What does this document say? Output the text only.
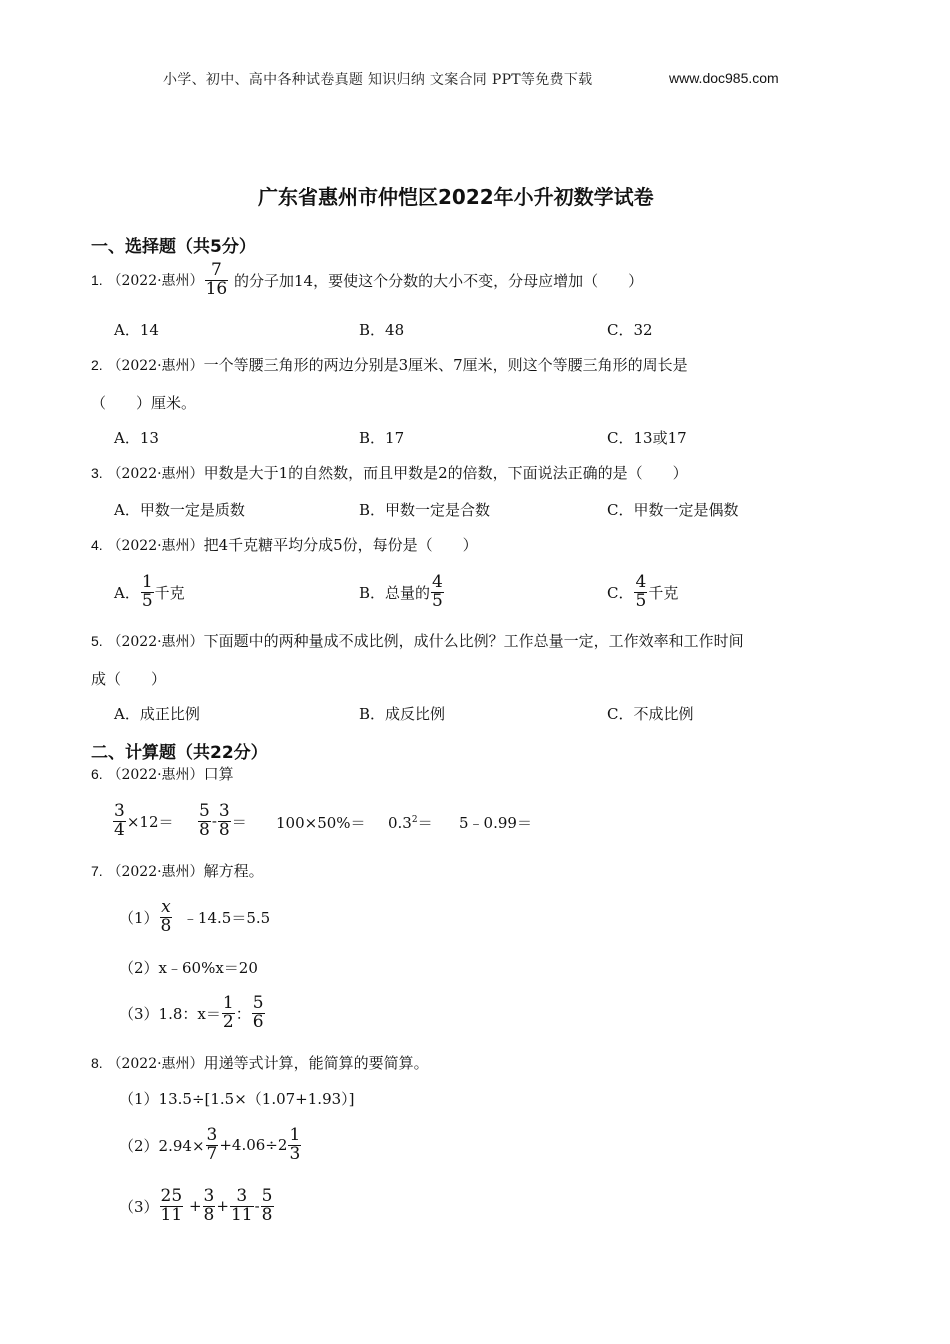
小学、初中、高中各种试卷真题 知识归纳 文案合同 PPT等免费下载	www.doc985.com
广东省惠州市仲恺区2022年小升初数学试卷
一、选择题（共5分）
1.
（2022·惠州） $\frac{7}{16}$
的分子加14，要使这个分数的大小不变，分母应增加（　　）
A．14	B．48	C．32
2.
（2022·惠州） 一个等腰三角形的两边分别是3厘米、7厘米，则这个等腰三角形的周长是
（　　）厘米。
A．13	B．17	C．13或17
3.
（2022·惠州） 甲数是大于1的自然数，而且甲数是2的倍数，下面说法正确的是（　　）
A．甲数一定是质数	B．甲数一定是合数	C．甲数一定是偶数
4.
（2022·惠州） 把4千克糖平均分成5份，每份是（　　）
A． $\frac{1}{5}$ 千克	B．总量的 $\frac{4}{5}$	C． $\frac{4}{5}$ 千克
5.
（2022·惠州） 下面题中的两种量成不成比例，成什么比例？工作总量一定，工作效率和工作时间
成（　　）
A．成正比例	B．成反比例	C．不成比例
二、计算题（共22分）
6.
（2022·惠州） 口算
$\frac{3}{4} \times 12= \frac{5}{8} - \frac{3}{8} = 100\times 50\%= 0.3^2=$ 5﹣0.99＝
7.
（2022·惠州） 解方程。
$(1) \frac{x}{8}$
﹣14.5＝5.5
（2）x﹣60%x＝20
（3）1.8：$x= \frac{1}{2}$ ： $\frac{5}{6}$
8.
（2022·惠州） 用递等式计算，能简算的要简算。
（1）13.5÷[1.5×（1.07+1.93）]
$(2)2.94\times \frac{3}{7} +4.06\div 2 \frac{1}{3}$
$(3) \frac{25}{11}$
+ $\frac{3}{8} + \frac{3}{11} - \frac{5}{8}$
